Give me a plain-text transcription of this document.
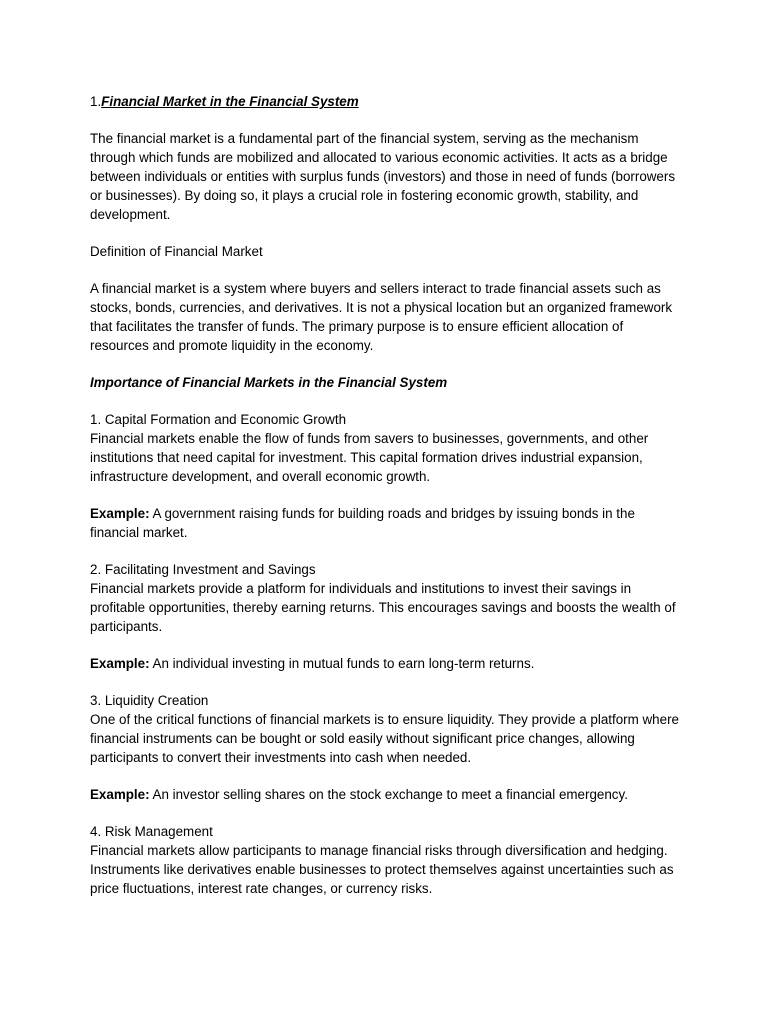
1.Financial Market in the Financial System

The financial market is a fundamental part of the financial system, serving as the mechanism through which funds are mobilized and allocated to various economic activities. It acts as a bridge between individuals or entities with surplus funds (investors) and those in need of funds (borrowers or businesses). By doing so, it plays a crucial role in fostering economic growth, stability, and development.

Definition of Financial Market

A financial market is a system where buyers and sellers interact to trade financial assets such as stocks, bonds, currencies, and derivatives. It is not a physical location but an organized framework that facilitates the transfer of funds. The primary purpose is to ensure efficient allocation of resources and promote liquidity in the economy.

Importance of Financial Markets in the Financial System

1. Capital Formation and Economic Growth
Financial markets enable the flow of funds from savers to businesses, governments, and other institutions that need capital for investment. This capital formation drives industrial expansion, infrastructure development, and overall economic growth.

Example: A government raising funds for building roads and bridges by issuing bonds in the financial market.

2. Facilitating Investment and Savings
Financial markets provide a platform for individuals and institutions to invest their savings in profitable opportunities, thereby earning returns. This encourages savings and boosts the wealth of participants.

Example: An individual investing in mutual funds to earn long-term returns.

3. Liquidity Creation
One of the critical functions of financial markets is to ensure liquidity. They provide a platform where financial instruments can be bought or sold easily without significant price changes, allowing participants to convert their investments into cash when needed.

Example: An investor selling shares on the stock exchange to meet a financial emergency.

4. Risk Management
Financial markets allow participants to manage financial risks through diversification and hedging. Instruments like derivatives enable businesses to protect themselves against uncertainties such as price fluctuations, interest rate changes, or currency risks.
